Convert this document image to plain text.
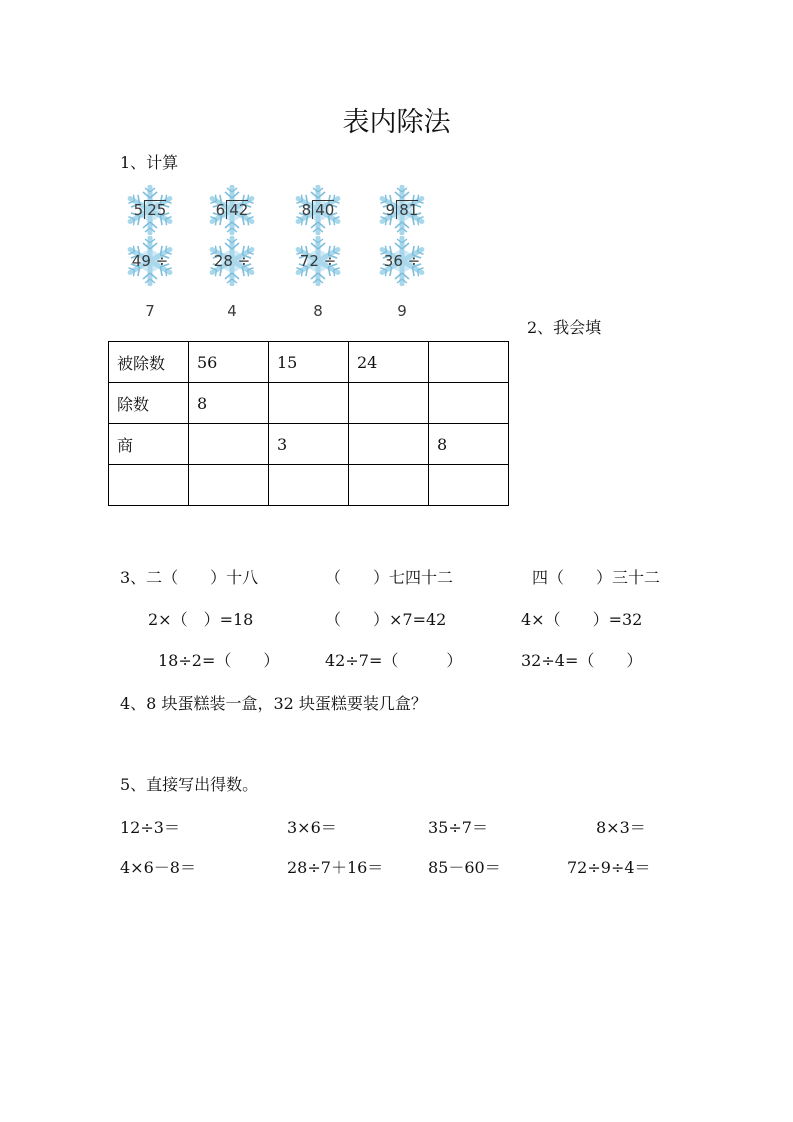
表内除法
1、计算
5 25	6 42	8 40	9 81
49 ÷ 7
28 ÷ 4
72 ÷ 8
36 ÷ 9
2、我会填
被除数	56	15	24	
除数	8			
商		3		8

3、二（　　）十八	（　　）七四十二	四（　　）三十二
2×（　）=18	（　　）×7=42	4×（　　）=32
18÷2=（　　）	42÷7=（　　　）	32÷4=（　　）
4、8 块蛋糕装一盒，32 块蛋糕要装几盒？
5、直接写出得数。
12÷3＝	3×6＝	35÷7＝	8×3＝
4×6－8＝	28÷7＋16＝	85－60＝	72÷9÷4＝
